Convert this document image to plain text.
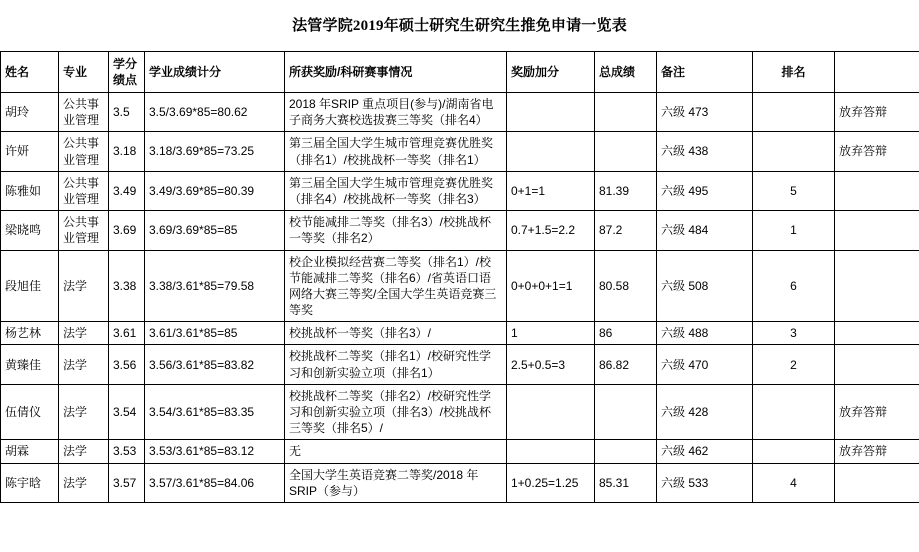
法管学院2019年硕士研究生研究生推免申请一览表
姓名	专业	学分绩点	学业成绩计分	所获奖励/科研赛事情况	奖励加分	总成绩	备注	排名	
胡玲	公共事业管理	3.5	3.5/3.69*85=80.62	2018 年SRIP 重点项目(参与)/湖南省电子商务大赛校选拔赛三等奖（排名4）			六级 473		放弃答辩
许妍	公共事业管理	3.18	3.18/3.69*85=73.25	第三届全国大学生城市管理竞赛优胜奖（排名1）/校挑战杯一等奖（排名1）			六级 438		放弃答辩
陈雅如	公共事业管理	3.49	3.49/3.69*85=80.39	第三届全国大学生城市管理竞赛优胜奖（排名4）/校挑战杯一等奖（排名3）	0+1=1	81.39	六级 495	5	
梁晓鸣	公共事业管理	3.69	3.69/3.69*85=85	校节能减排二等奖（排名3）/校挑战杯一等奖（排名2）	0.7+1.5=2.2	87.2	六级 484	1	
段旭佳	法学	3.38	3.38/3.61*85=79.58	校企业模拟经营赛二等奖（排名1）/校节能减排二等奖（排名6）/省英语口语网络大赛三等奖/全国大学生英语竞赛三等奖	0+0+0+1=1	80.58	六级 508	6	
杨艺林	法学	3.61	3.61/3.61*85=85	校挑战杯一等奖（排名3）/	1	86	六级 488	3	
黄臻佳	法学	3.56	3.56/3.61*85=83.82	校挑战杯二等奖（排名1）/校研究性学习和创新实验立项（排名1）	2.5+0.5=3	86.82	六级 470	2	
伍倩仪	法学	3.54	3.54/3.61*85=83.35	校挑战杯二等奖（排名2）/校研究性学习和创新实验立项（排名3）/校挑战杯三等奖（排名5）/			六级 428		放弃答辩
胡霖	法学	3.53	3.53/3.61*85=83.12	无			六级 462		放弃答辩
陈宇晗	法学	3.57	3.57/3.61*85=84.06	全国大学生英语竞赛二等奖/2018 年SRIP（参与）	1+0.25=1.25	85.31	六级 533	4	
